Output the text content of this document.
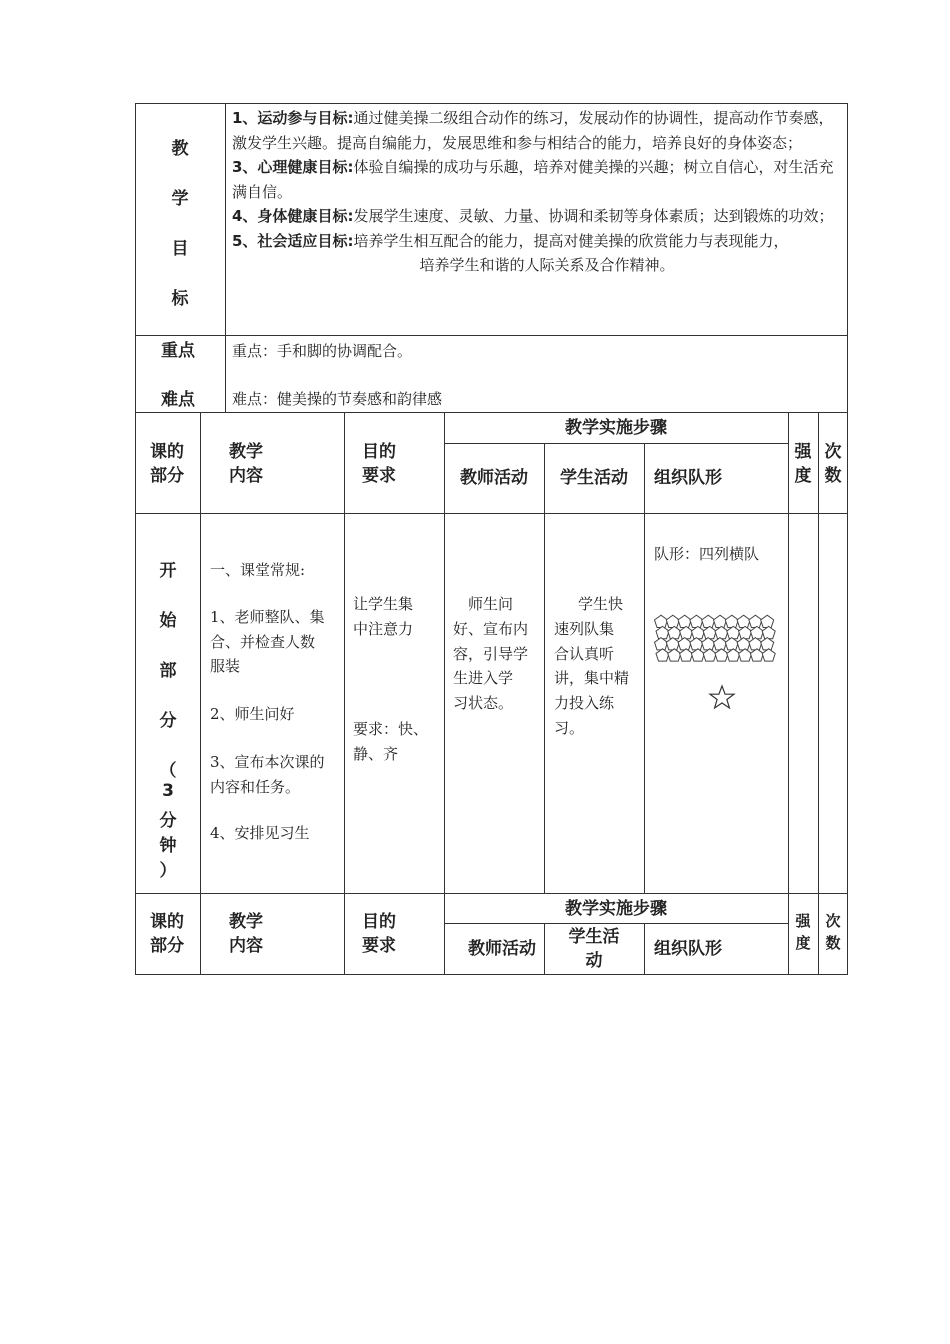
教
学
目
标
1、运动参与目标:通过健美操二级组合动作的练习，发展动作的协调性，提高动作节奏感，激发学生兴趣。提高自编能力，发展思维和参与相结合的能力，培养良好的身体姿态；
3、心理健康目标:体验自编操的成功与乐趣，培养对健美操的兴趣；树立自信心，对生活充满自信。
4、身体健康目标:发展学生速度、灵敏、力量、协调和柔韧等身体素质；达到锻炼的功效；
5、社会适应目标:培养学生相互配合的能力，提高对健美操的欣赏能力与表现能力，
培养学生和谐的人际关系及合作精神。
重点
难点
重点：手和脚的协调配合。
难点：健美操的节奏感和韵律感
课的
部分
教学
内容
目的
要求
教学实施步骤
教师活动	学生活动	组织队形
强
度
次
数
开
始
部
分
（
3
分
钟
）
一、课堂常规:
1、老师整队、集
合、并检查人数
服装
2、师生问好
3、宣布本次课的
内容和任务。
4、安排见习生
让学生集
中注意力
要求：快、
静、齐
师生问
好、宣布内
容，引导学
生进入学
习状态。
学生快
速列队集
合认真听
讲，集中精
力投入练
习。
队形：四列横队
课的
部分
教学
内容
目的
要求
教学实施步骤
教师活动
学生活
动
组织队形
强
度
次
数
